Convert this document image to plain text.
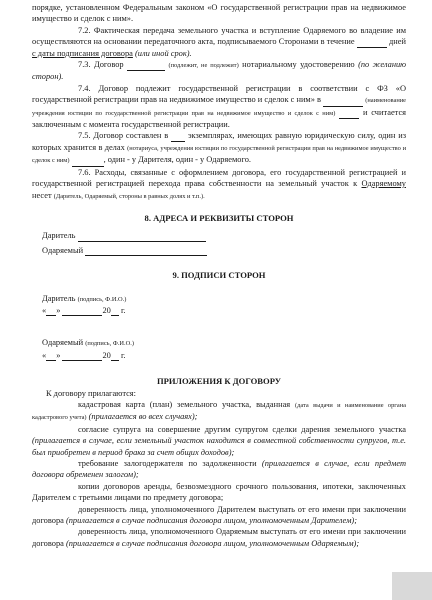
порядке, установленном Федеральным законом «О государственной регистрации прав на недвижимое имущество и сделок с ним».

7.2. Фактическая передача земельного участка и вступление Одаряемого во владение им осуществляются на основании передаточного акта, подписываемого Сторонами в течение	дней с даты подписания договора (или иной срок).

7.3. Договор	(подлежит, не подлежит) нотариальному удостоверению (по желанию сторон).

7.4. Договор подлежит государственной регистрации в соответствии с ФЗ «О государственной регистрации прав на недвижимое имущество и сделок с ним» в	(наименование учреждения юстиции по государственной регистрации прав на недвижимое имущество и сделок с ним)	и считается заключенным с момента государственной регистрации.

7.5. Договор составлен в экземплярах, имеющих равную юридическую силу, один из которых хранится в делах (нотариуса, учреждения юстиции по государственной регистрации прав на недвижимое имущество и сделок с ним)	, один - у Дарителя, один - у Одаряемого.

7.6. Расходы, связанные с оформлением договора, его государственной регистрацией и государственной регистрацией перехода права собственности на земельный участок к Одаряемому несет (Даритель, Одаряемый, стороны в равных долях и т.п.).

8. АДРЕСА И РЕКВИЗИТЫ СТОРОН

Даритель
Одаряемый

9. ПОДПИСИ СТОРОН

Даритель (подпись, Ф.И.О.)
« »	20 г.
Одаряемый (подпись, Ф.И.О.)
« »	20 г.

ПРИЛОЖЕНИЯ К ДОГОВОРУ

К договору прилагаются:

кадастровая карта (план) земельного участка, выданная (дата выдачи и наименование органа кадастрового учета) (прилагается во всех случаях);

согласие супруга на совершение другим супругом сделки дарения земельного участка (прилагается в случае, если земельный участок находится в совместной собственности супругов, т.е. был приобретен в период брака за счет общих доходов);

требование залогодержателя по задолженности (прилагается в случае, если предмет договора обременен залогом);

копии договоров аренды, безвозмездного срочного пользования, ипотеки, заключенных Дарителем с третьими лицами по предмету договора;

доверенность лица, уполномоченного Дарителем выступать от его имени при заключении договора (прилагается в случае подписания договора лицом, уполномоченным Дарителем);

доверенность лица, уполномоченного Одаряемым выступать от его имени при заключении договора (прилагается в случае подписания договора лицом, уполномоченным Одаряемым);
